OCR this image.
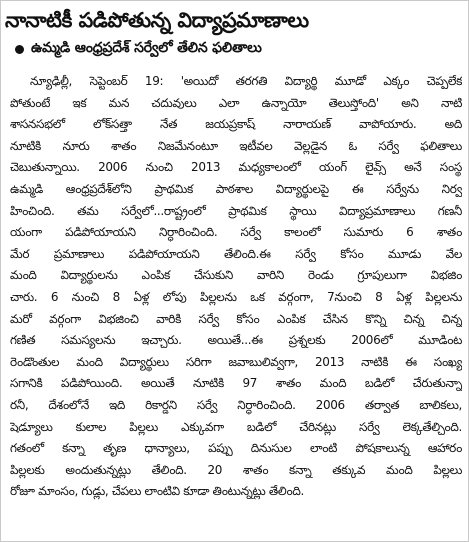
నానాటికీ పడిపోతున్న విద్యాప్రమాణాలు
ఉమ్మడి ఆంధ్రప్రదేశ్ సర్వేలో తేలిన ఫలితాలు
న్యూఢిల్లీ, సెప్టెంబర్ 19: 'అయిదో తరగతి విద్యార్థి మూడో ఎక్కం చెప్పలేక
పోతుంటే ఇక మన చదువులు ఎలా ఉన్నాయో తెలుస్తోంది' అని నాటి
శాసనసభలో లోక్‌సత్తా నేత జయప్రకాష్ నారాయణ్ వాపోయారు. అది
నూటికి నూరు శాతం నిజమేనంటూ ఇటీవల వెల్లడైన ఓ సర్వే ఫలితాలు
చెబుతున్నాయి. 2006 నుంచి 2013 మధ్యకాలంలో యంగ్ లైవ్స్ అనే సంస్థ
ఉమ్మడి ఆంధ్రప్రదేశ్‌లోని ప్రాథమిక పాఠశాల విద్యార్థులపై ఈ సర్వేను నిర్వ
హించింది. తమ సర్వేలో...రాష్ట్రంలో ప్రాథమిక స్థాయి విద్యాప్రమాణాలు గణనీ
యంగా పడిపోయాయని నిర్ధారించింది. సర్వే కాలంలో సుమారు 6 శాతం
మేర ప్రమాణాలు పడిపోయాయని తేలింది.ఈ సర్వే కోసం మూడు వేల
మంది విద్యార్థులను ఎంపిక చేసుకుని వారిని రెండు గ్రూపులుగా విభజిం
చారు. 6 నుంచి 8 ఏళ్ల లోపు పిల్లలను ఒక వర్గంగా, 7నుంచి 8 ఏళ్ల పిల్లలను
మరో వర్గంగా విభజించి వారికి సర్వే కోసం ఎంపిక చేసిన కొన్ని చిన్న చిన్న
గణిత సమస్యలను ఇచ్చారు. అయితే...ఈ ప్రశ్నలకు 2006లో మూడింట
రెండొంతుల మంది విద్యార్థులు సరిగా జవాబులివ్వగా, 2013 నాటికి ఈ సంఖ్య
సగానికి పడిపోయింది. అయితే నూటికి 97 శాతం మంది బడిలో చేరుతున్నా
రనీ, దేశంలోనే ఇది రికార్డని సర్వే నిర్ధారించింది. 2006 తర్వాత బాలికలు,
షెడ్యూలు కులాల పిల్లలు ఎక్కువగా బడిలో చేరినట్లు సర్వే లెక్కతేల్చింది.
గతంలో కన్నా తృణ ధాన్యాలు, పప్పు దినుసుల లాంటి పోషకాలున్న ఆహారం
పిల్లలకు అందుతున్నట్లు తేలింది. 20 శాతం కన్నా తక్కువ మంది పిల్లలు
రోజూ మాంసం, గుడ్లు, చేపలు లాంటివి కూడా తింటున్నట్లు తేలింది.
